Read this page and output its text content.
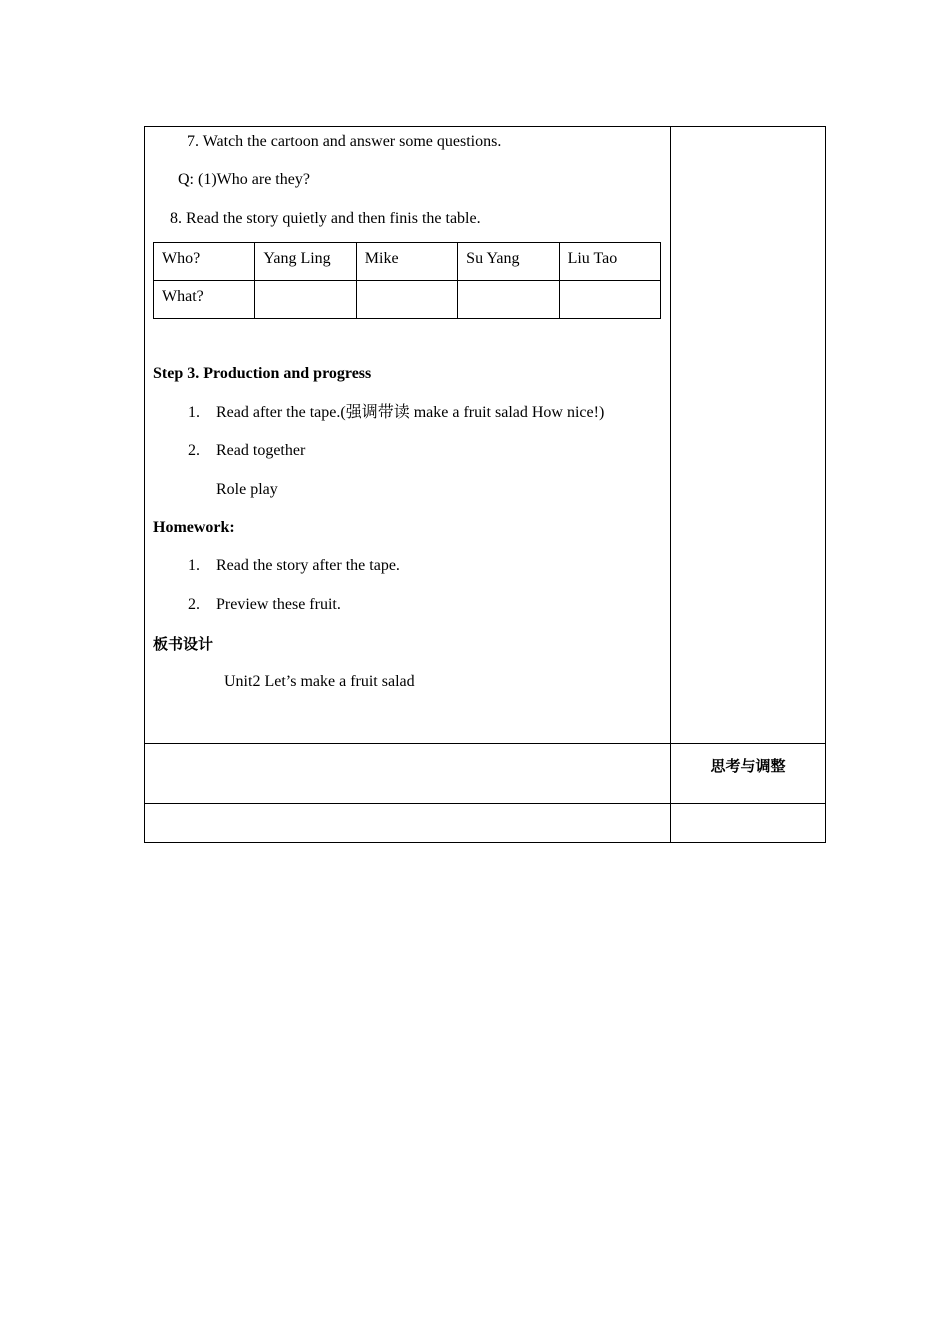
7. Watch the cartoon and answer some questions.
Q: (1)Who are they?
8. Read the story quietly and then finis the table.
Who?	Yang Ling	Mike	Su Yang	Liu Tao
What?				
Step 3. Production and progress
1. Read after the tape.(强调带读 make a fruit salad How nice!)
2. Read together
Role play
Homework:
1. Read the story after the tape.
2. Preview these fruit.
板书设计
Unit2 Let’s make a fruit salad

	思考与调整
